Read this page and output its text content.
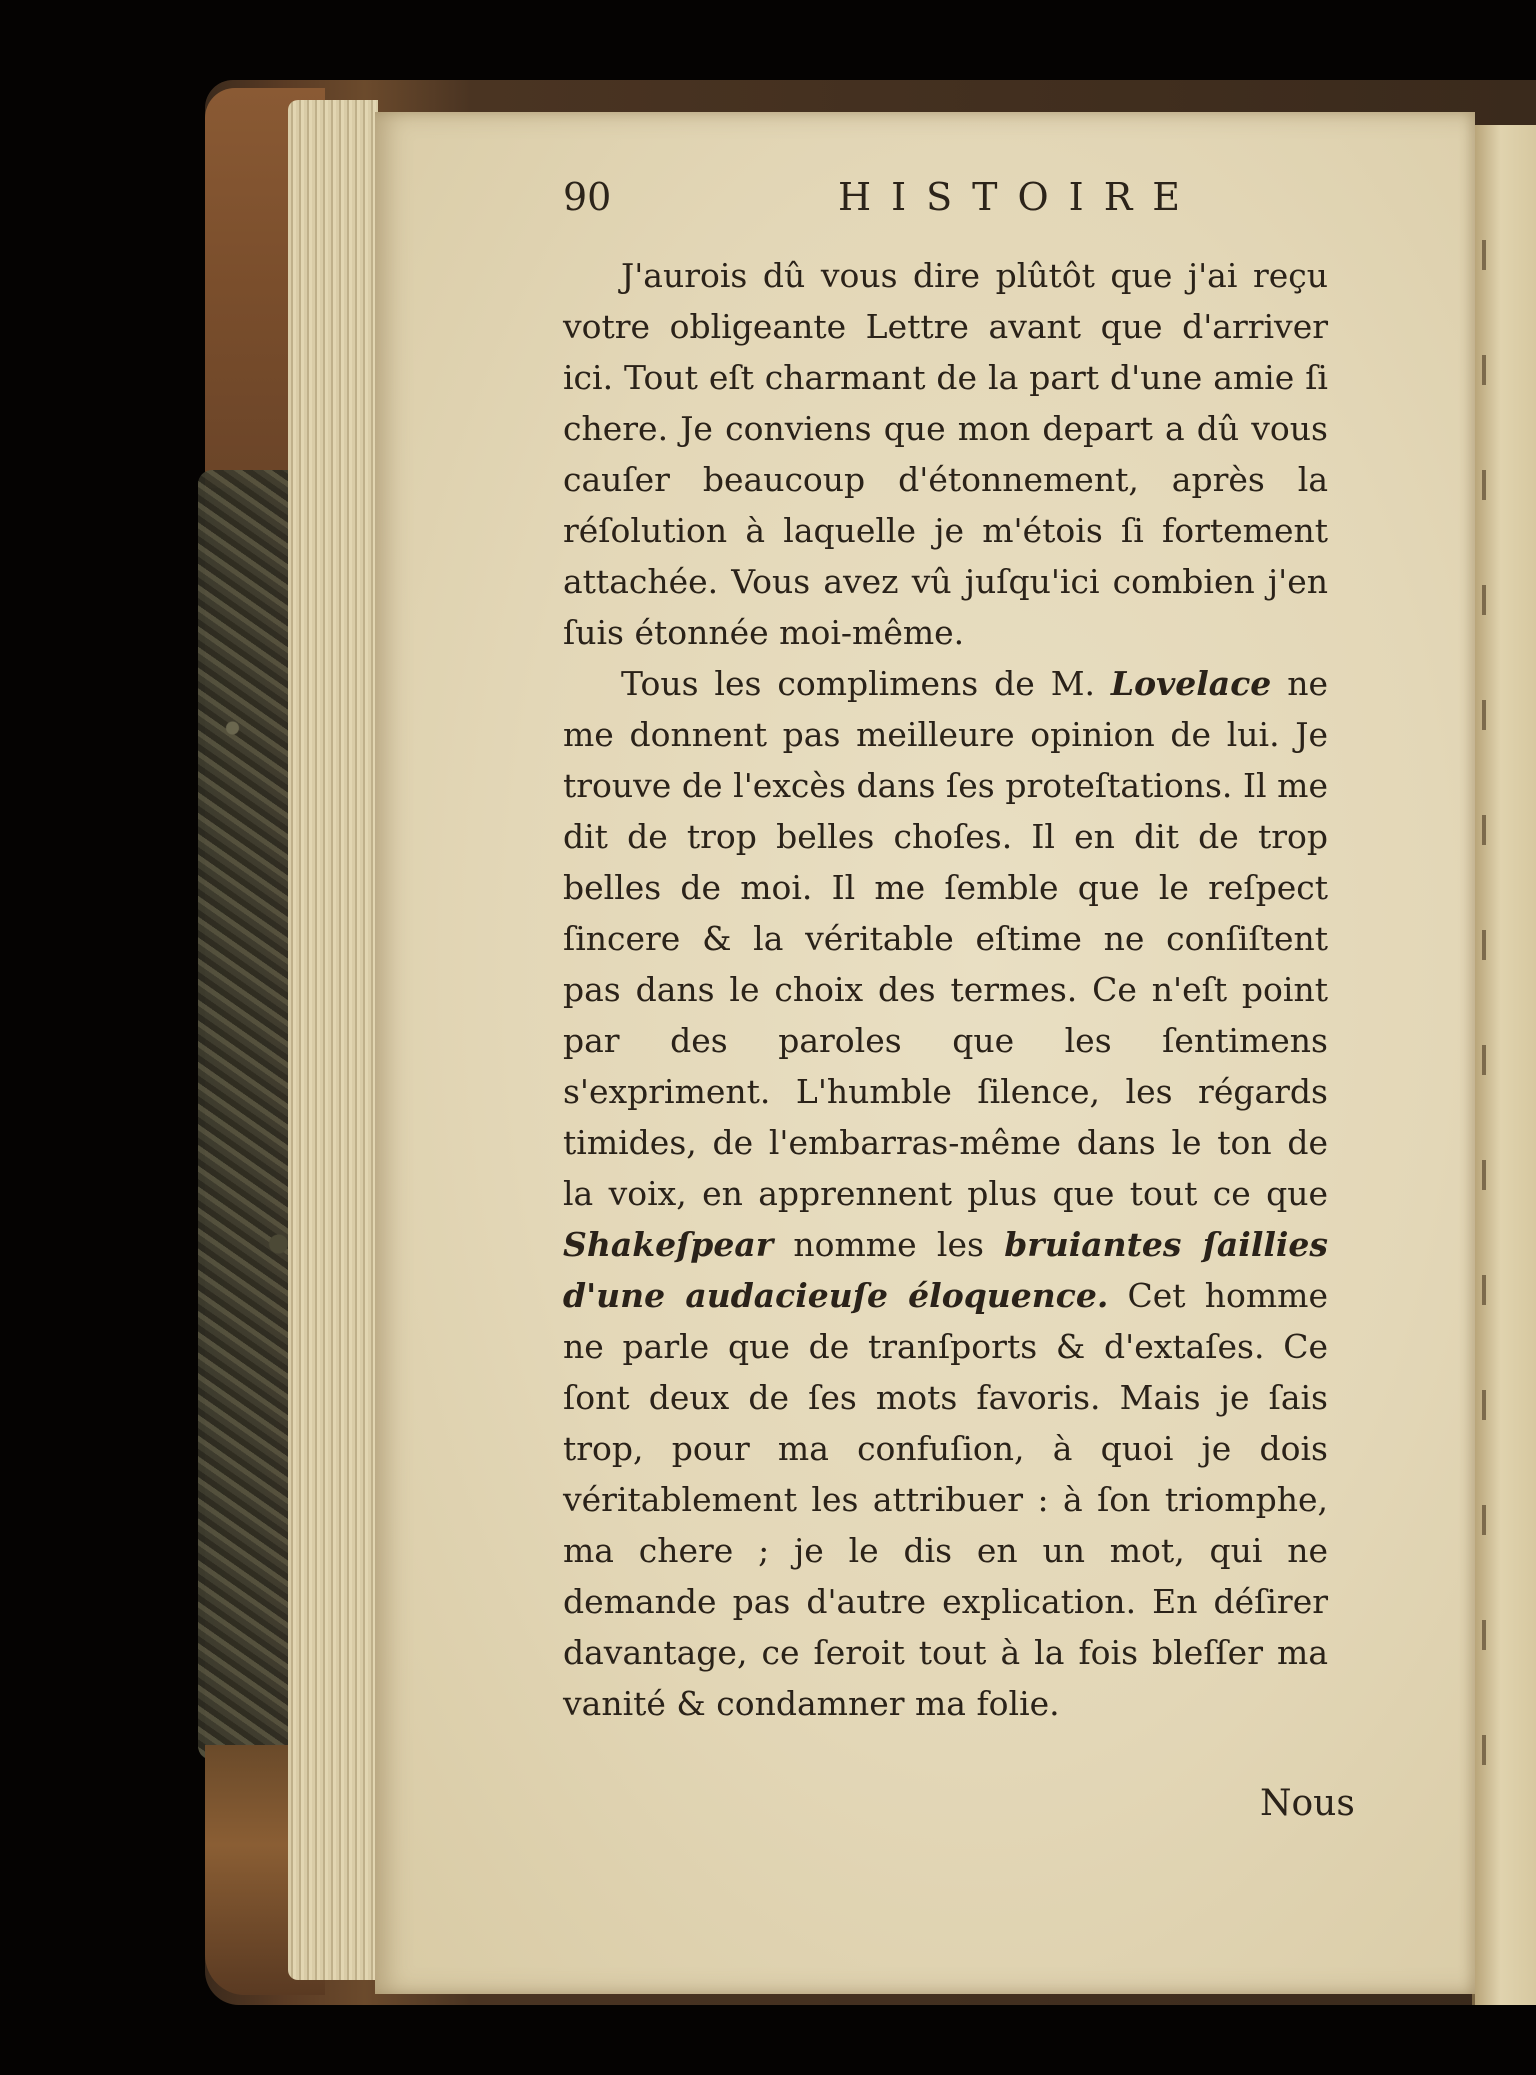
90	HISTOIRE

J'aurois dû vous dire plûtôt que j'ai reçu votre obligeante Lettre avant que d'arriver ici. Tout eſt charmant de la part d'une amie ſi chere. Je conviens que mon depart a dû vous cauſer beaucoup d'étonnement, après la réſolution à laquelle je m'étois ſi fortement attachée. Vous avez vû juſqu'ici combien j'en ſuis étonnée moi-même.

Tous les complimens de M. Lovelace ne me donnent pas meilleure opinion de lui. Je trouve de l'excès dans ſes proteſtations. Il me dit de trop belles choſes. Il en dit de trop belles de moi. Il me ſemble que le reſpect ſincere & la véritable eſtime ne conſiſtent pas dans le choix des termes. Ce n'eſt point par des paroles que les ſentimens s'expriment. L'humble ſilence, les régards timides, de l'embarras-même dans le ton de la voix, en apprennent plus que tout ce que Shakeſpear nomme les bruiantes ſaillies d'une audacieuſe éloquence. Cet homme ne parle que de tranſports & d'extaſes. Ce ſont deux de ſes mots favoris. Mais je ſais trop, pour ma confuſion, à quoi je dois véritablement les attribuer : à ſon triomphe, ma chere ; je le dis en un mot, qui ne demande pas d'autre explication. En déſirer davantage, ce ſeroit tout à la fois bleſſer ma vanité & condamner ma folie.

Nous
